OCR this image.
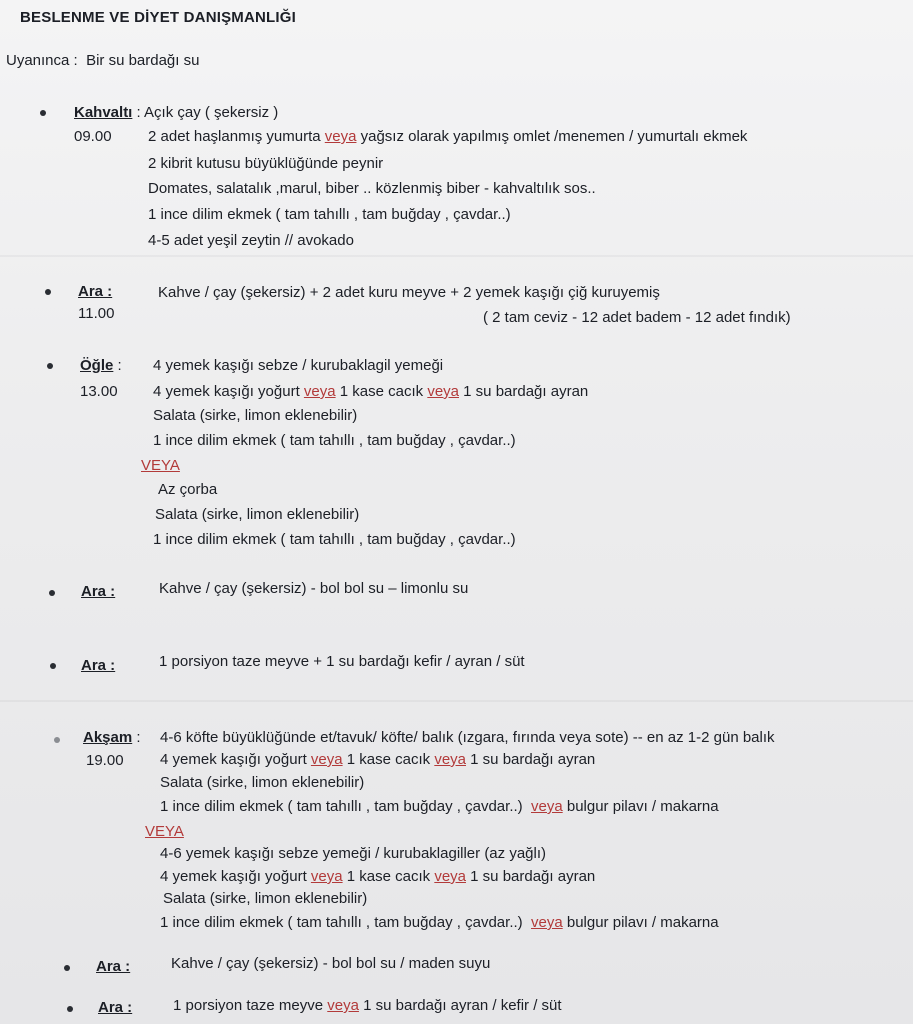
BESLENME VE DİYET DANIŞMANLIĞI
Uyanınca : Bir su bardağı su
Kahvaltı : Açık çay ( şekersiz )
09.00 2 adet haşlanmış yumurta veya yağsız olarak yapılmış omlet /menemen / yumurtalı ekmek
2 kibrit kutusu büyüklüğünde peynir
Domates, salatalık ,marul, biber .. közlenmiş biber - kahvaltılık sos..
1 ince dilim ekmek ( tam tahıllı , tam buğday , çavdar..)
4-5 adet yeşil zeytin // avokado
Ara :	Kahve / çay (şekersiz) + 2 adet kuru meyve + 2 yemek kaşığı çiğ kuruyemiş
11.00	( 2 tam ceviz - 12 adet badem - 12 adet fındık)
Öğle : 4 yemek kaşığı sebze / kurubaklagil yemeği
13.00 4 yemek kaşığı yoğurt veya 1 kase cacık veya 1 su bardağı ayran
Salata (sirke, limon eklenebilir)
1 ince dilim ekmek ( tam tahıllı , tam buğday , çavdar..)
VEYA
Az çorba
Salata (sirke, limon eklenebilir)
1 ince dilim ekmek ( tam tahıllı , tam buğday , çavdar..)
Ara :	Kahve / çay (şekersiz) - bol bol su – limonlu su
Ara :	1 porsiyon taze meyve + 1 su bardağı kefir / ayran / süt
Akşam : 4-6 köfte büyüklüğünde et/tavuk/ köfte/ balık (ızgara, fırında veya sote) -- en az 1-2 gün balık
19.00 4 yemek kaşığı yoğurt veya 1 kase cacık veya 1 su bardağı ayran
Salata (sirke, limon eklenebilir)
1 ince dilim ekmek ( tam tahıllı , tam buğday , çavdar..) veya bulgur pilavı / makarna
VEYA
4-6 yemek kaşığı sebze yemeği / kurubaklagiller (az yağlı)
4 yemek kaşığı yoğurt veya 1 kase cacık veya 1 su bardağı ayran
Salata (sirke, limon eklenebilir)
1 ince dilim ekmek ( tam tahıllı , tam buğday , çavdar..) veya bulgur pilavı / makarna
Ara :	Kahve / çay (şekersiz) - bol bol su / maden suyu
Ara :	1 porsiyon taze meyve veya 1 su bardağı ayran / kefir / süt
